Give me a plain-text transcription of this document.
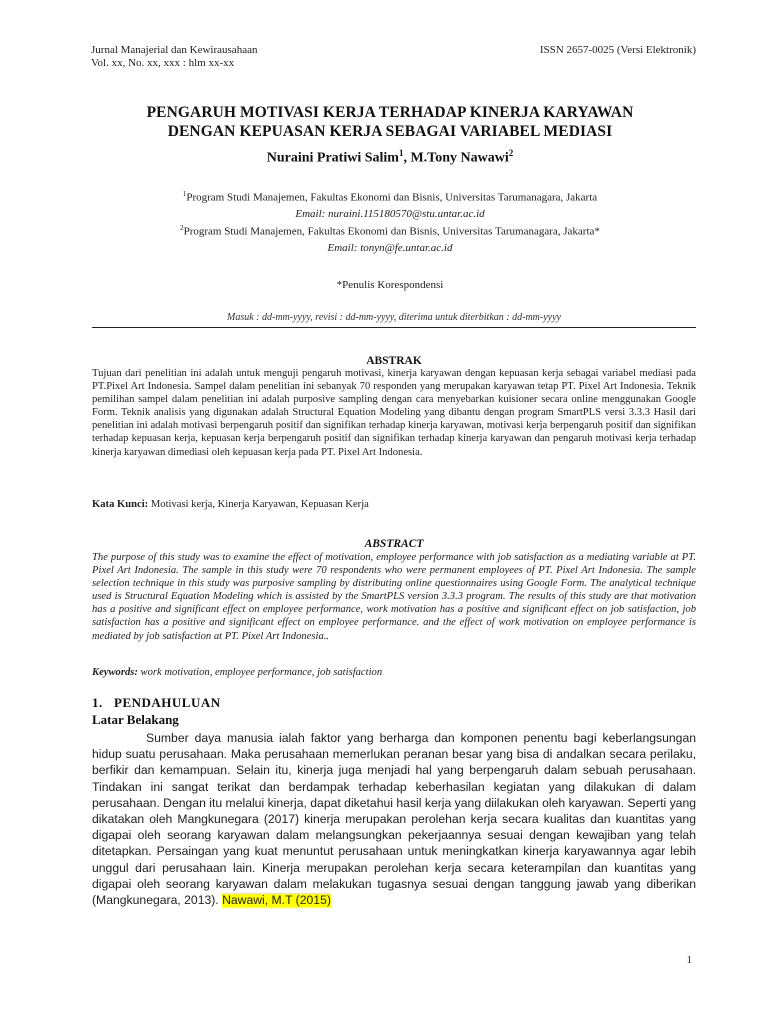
Jurnal Manajerial dan Kewirausahaan
Vol. xx, No. xx, xxx : hlm xx-xx
ISSN 2657-0025 (Versi Elektronik)
PENGARUH MOTIVASI KERJA TERHADAP KINERJA KARYAWAN
DENGAN KEPUASAN KERJA SEBAGAI VARIABEL MEDIASI
Nuraini Pratiwi Salim$^1$, M.Tony Nawawi$^2$
$^1$Program Studi Manajemen, Fakultas Ekonomi dan Bisnis, Universitas Tarumanagara, Jakarta
Email: nuraini.115180570@stu.untar.ac.id
$^2$Program Studi Manajemen, Fakultas Ekonomi dan Bisnis, Universitas Tarumanagara, Jakarta*
Email: tonyn@fe.untar.ac.id
*Penulis Korespondensi
Masuk : dd-mm-yyyy, revisi : dd-mm-yyyy, diterima untuk diterbitkan : dd-mm-yyyy
ABSTRAK
Tujuan dari penelitian ini adalah untuk menguji pengaruh motivasi, kinerja karyawan dengan kepuasan kerja sebagai variabel mediasi pada PT.Pixel Art Indonesia. Sampel dalam penelitian ini sebanyak 70 responden yang merupakan karyawan tetap PT. Pixel Art Indonesia. Teknik pemilihan sampel dalam penelitian ini adalah purposive sampling dengan cara menyebarkan kuisioner secara online menggunakan Google Form. Teknik analisis yang digunakan adalah Structural Equation Modeling yang dibantu dengan program SmartPLS versi 3.3.3 Hasil dari penelitian ini adalah motivasi berpengaruh positif dan signifikan terhadap kinerja karyawan, motivasi kerja berpengaruh positif dan signifikan terhadap kepuasan kerja, kepuasan kerja berpengaruh positif dan signifikan terhadap kinerja karyawan dan pengaruh motivasi kerja terhadap kinerja karyawan dimediasi oleh kepuasan kerja pada PT. Pixel Art Indonesia.
Kata Kunci: Motivasi kerja, Kinerja Karyawan, Kepuasan Kerja
ABSTRACT
The purpose of this study was to examine the effect of motivation, employee performance with job satisfaction as a mediating variable at PT. Pixel Art Indonesia. The sample in this study were 70 respondents who were permanent employees of PT. Pixel Art Indonesia. The sample selection technique in this study was purposive sampling by distributing online questionnaires using Google Form. The analytical technique used is Structural Equation Modeling which is assisted by the SmartPLS version 3.3.3 program. The results of this study are that motivation has a positive and significant effect on employee performance, work motivation has a positive and significant effect on job satisfaction, job satisfaction has a positive and significant effect on employee performance. and the effect of work motivation on employee performance is mediated by job satisfaction at PT. Pixel Art Indonesia..
Keywords: work motivation, employee performance, job satisfaction
1. PENDAHULUAN
Latar Belakang
Sumber daya manusia ialah faktor yang berharga dan komponen penentu bagi keberlangsungan hidup suatu perusahaan. Maka perusahaan memerlukan peranan besar yang bisa di andalkan secara perilaku, berfikir dan kemampuan. Selain itu, kinerja juga menjadi hal yang berpengaruh dalam sebuah perusahaan. Tindakan ini sangat terikat dan berdampak terhadap keberhasilan kegiatan yang dilakukan di dalam perusahaan. Dengan itu melalui kinerja, dapat diketahui hasil kerja yang diilakukan oleh karyawan. Seperti yang dikatakan oleh Mangkunegara (2017) kinerja merupakan perolehan kerja secara kualitas dan kuantitas yang digapai oleh seorang karyawan dalam melangsungkan pekerjaannya sesuai dengan kewajiban yang telah ditetapkan. Persaingan yang kuat menuntut perusahaan untuk meningkatkan kinerja karyawannya agar lebih unggul dari perusahaan lain. Kinerja merupakan perolehan kerja secara keterampilan dan kuantitas yang digapai oleh seorang karyawan dalam melakukan tugasnya sesuai dengan tanggung jawab yang diberikan (Mangkunegara, 2013). Nawawi, M.T (2015)
1
